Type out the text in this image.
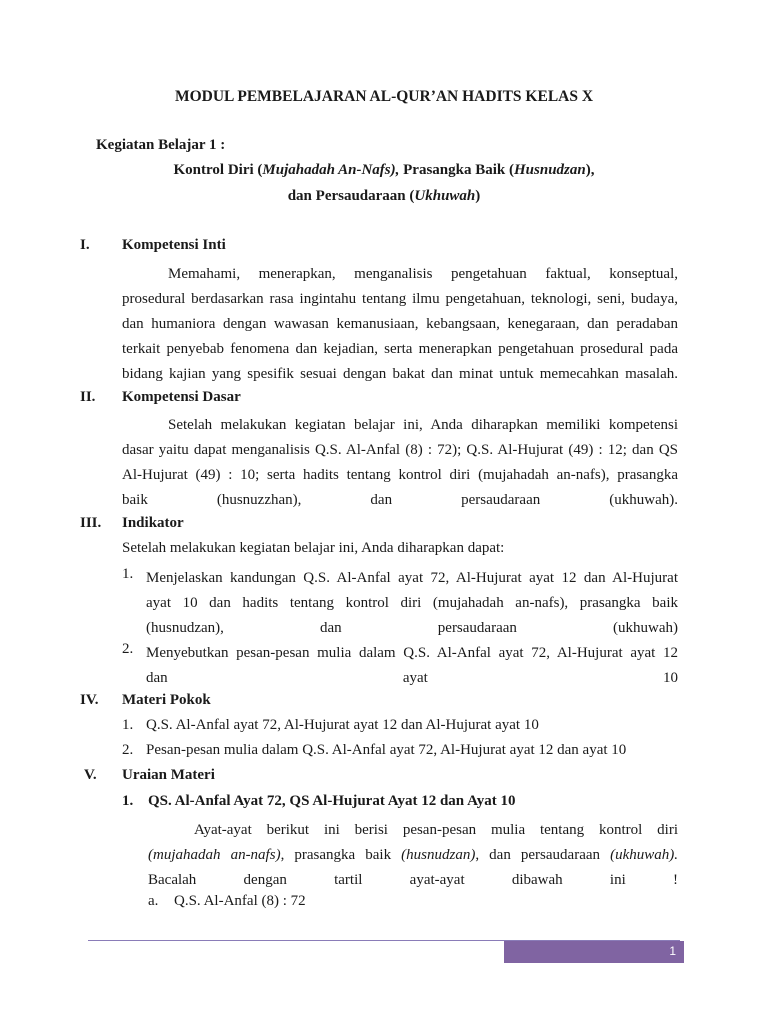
MODUL PEMBELAJARAN AL-QUR’AN HADITS KELAS X
Kegiatan Belajar 1 :
Kontrol Diri (Mujahadah An-Nafs), Prasangka Baik (Husnudzan),
dan Persaudaraan (Ukhuwah)
I.	Kompetensi Inti
Memahami, menerapkan, menganalisis pengetahuan faktual, konseptual,
prosedural berdasarkan rasa ingintahu tentang ilmu pengetahuan, teknologi, seni, budaya,
dan humaniora dengan wawasan kemanusiaan, kebangsaan, kenegaraan, dan peradaban
terkait penyebab fenomena dan kejadian, serta menerapkan pengetahuan prosedural pada
bidang kajian yang spesifik sesuai dengan bakat dan minat untuk memecahkan masalah.
II.	Kompetensi Dasar
Setelah melakukan kegiatan belajar ini, Anda diharapkan memiliki kompetensi
dasar yaitu dapat menganalisis Q.S. Al-Anfal (8) : 72); Q.S. Al-Hujurat (49) : 12; dan QS
Al-Hujurat (49) : 10; serta hadits tentang kontrol diri (mujahadah an-nafs), prasangka
baik (husnuzzhan), dan persaudaraan (ukhuwah).
III.	Indikator
Setelah melakukan kegiatan belajar ini, Anda diharapkan dapat:
1. Menjelaskan kandungan Q.S. Al-Anfal ayat 72, Al-Hujurat ayat 12 dan Al-Hujurat
ayat 10 dan hadits tentang kontrol diri (mujahadah an-nafs), prasangka baik
(husnudzan), dan persaudaraan (ukhuwah)
2. Menyebutkan pesan-pesan mulia dalam Q.S. Al-Anfal ayat 72, Al-Hujurat ayat 12
dan ayat 10
IV.	Materi Pokok
1. Q.S. Al-Anfal ayat 72, Al-Hujurat ayat 12 dan Al-Hujurat ayat 10
2. Pesan-pesan mulia dalam Q.S. Al-Anfal ayat 72, Al-Hujurat ayat 12 dan ayat 10
V.	Uraian Materi
1. QS. Al-Anfal Ayat 72, QS Al-Hujurat Ayat 12 dan Ayat 10
Ayat-ayat berikut ini berisi pesan-pesan mulia tentang kontrol diri
(mujahadah an-nafs), prasangka baik (husnudzan), dan persaudaraan (ukhuwah).
Bacalah dengan tartil ayat-ayat dibawah ini !
a. Q.S. Al-Anfal (8) : 72
1
